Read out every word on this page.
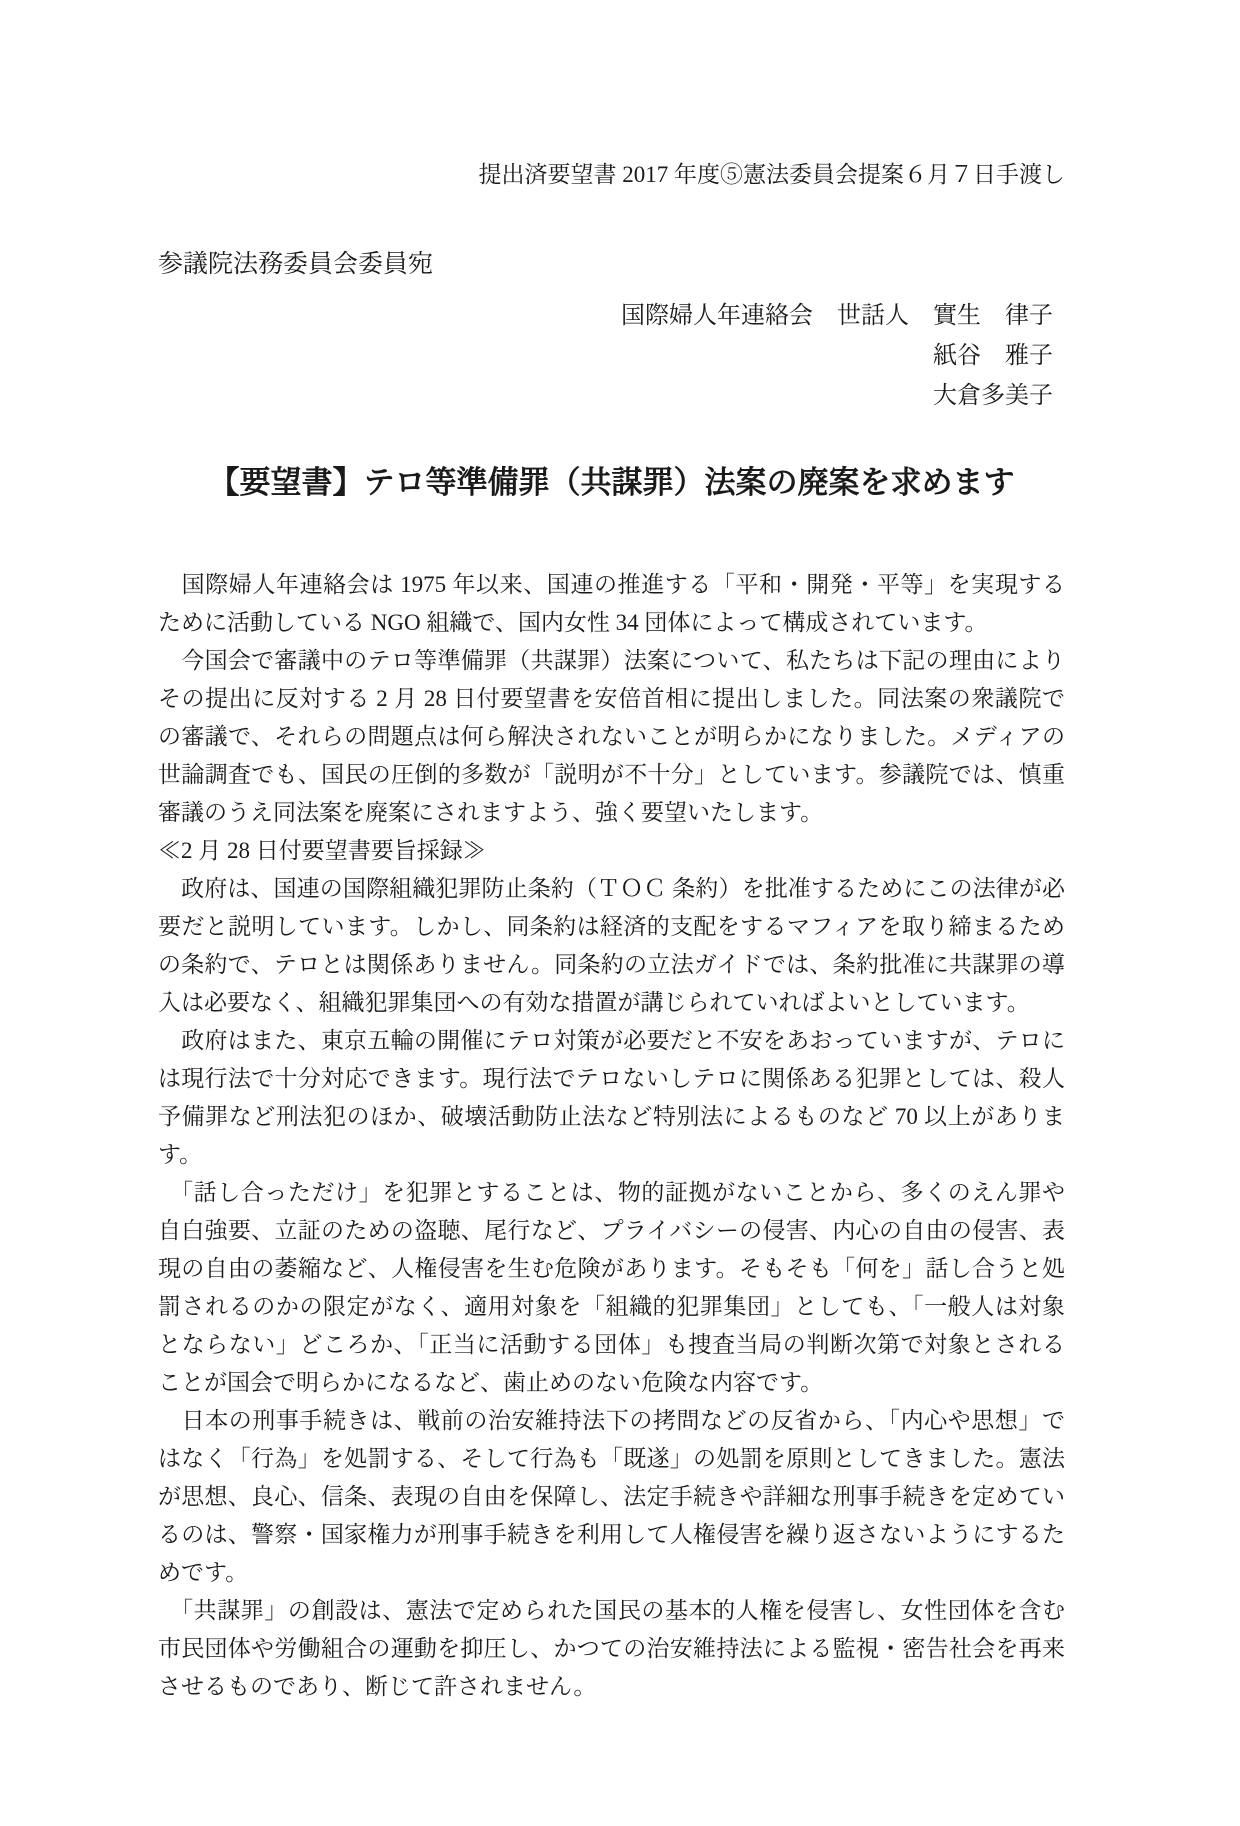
提出済要望書 2017 年度⑤憲法委員会提案６月７日手渡し
参議院法務委員会委員宛
国際婦人年連絡会　世話人　實生　律子
紙谷　雅子
大倉多美子
【要望書】テロ等準備罪（共謀罪）法案の廃案を求めます

　国際婦人年連絡会は 1975 年以来、国連の推進する「平和・開発・平等」を実現するために活動している NGO 組織で、国内女性 34 団体によって構成されています。

　今国会で審議中のテロ等準備罪（共謀罪）法案について、私たちは下記の理由によりその提出に反対する 2 月 28 日付要望書を安倍首相に提出しました。同法案の衆議院での審議で、それらの問題点は何ら解決されないことが明らかになりました。メディアの世論調査でも、国民の圧倒的多数が「説明が不十分」としています。参議院では、慎重審議のうえ同法案を廃案にされますよう、強く要望いたします。

≪2 月 28 日付要望書要旨採録≫

　政府は、国連の国際組織犯罪防止条約（ＴＯＣ 条約）を批准するためにこの法律が必要だと説明しています。しかし、同条約は経済的支配をするマフィアを取り締まるための条約で、テロとは関係ありません。同条約の立法ガイドでは、条約批准に共謀罪の導入は必要なく、組織犯罪集団への有効な措置が講じられていればよいとしています。

　政府はまた、東京五輪の開催にテロ対策が必要だと不安をあおっていますが、テロには現行法で十分対応できます。現行法でテロないしテロに関係ある犯罪としては、殺人予備罪など刑法犯のほか、破壊活動防止法など特別法によるものなど 70 以上があります。

　「話し合っただけ」を犯罪とすることは、物的証拠がないことから、多くのえん罪や自白強要、立証のための盗聴、尾行など、プライバシーの侵害、内心の自由の侵害、表現の自由の萎縮など、人権侵害を生む危険があります。そもそも「何を」話し合うと処罰されるのかの限定がなく、適用対象を「組織的犯罪集団」としても、「一般人は対象とならない」どころか、「正当に活動する団体」も捜査当局の判断次第で対象とされることが国会で明らかになるなど、歯止めのない危険な内容です。

　日本の刑事手続きは、戦前の治安維持法下の拷問などの反省から、「内心や思想」ではなく「行為」を処罰する、そして行為も「既遂」の処罰を原則としてきました。憲法が思想、良心、信条、表現の自由を保障し、法定手続きや詳細な刑事手続きを定めているのは、警察・国家権力が刑事手続きを利用して人権侵害を繰り返さないようにするためです。

　「共謀罪」の創設は、憲法で定められた国民の基本的人権を侵害し、女性団体を含む市民団体や労働組合の運動を抑圧し、かつての治安維持法による監視・密告社会を再来させるものであり、断じて許されません。
